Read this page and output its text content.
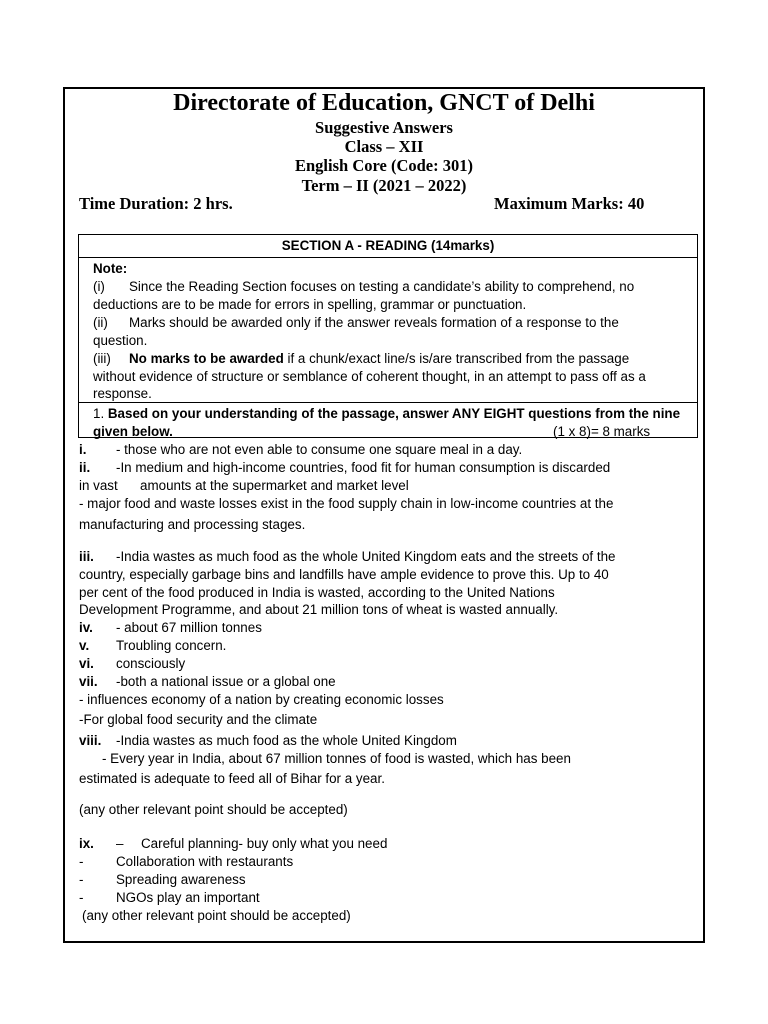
Directorate of Education, GNCT of Delhi
Suggestive Answers
Class – XII
English Core (Code: 301)
Term – II (2021 – 2022)
Time Duration: 2 hrs.	Maximum Marks: 40
SECTION A - READING (14marks)
Note:
(i) Since the Reading Section focuses on testing a candidate’s ability to comprehend, no
deductions are to be made for errors in spelling, grammar or punctuation.
(ii) Marks should be awarded only if the answer reveals formation of a response to the
question.
(iii) No marks to be awarded if a chunk/exact line/s is/are transcribed from the passage
without evidence of structure or semblance of coherent thought, in an attempt to pass off as a
response.
1. Based on your understanding of the passage, answer ANY EIGHT questions from the nine
given below.	(1 x 8)= 8 marks
i. - those who are not even able to consume one square meal in a day.
ii. -In medium and high-income countries, food fit for human consumption is discarded
in vast      amounts at the supermarket and market level
- major food and waste losses exist in the food supply chain in low-income countries at the
manufacturing and processing stages.
iii. -India wastes as much food as the whole United Kingdom eats and the streets of the
country, especially garbage bins and landfills have ample evidence to prove this. Up to 40
per cent of the food produced in India is wasted, according to the United Nations
Development Programme, and about 21 million tons of wheat is wasted annually.
iv. - about 67 million tonnes
v. Troubling concern.
vi. consciously
vii. -both a national issue or a global one
- influences economy of a nation by creating economic losses
-For global food security and the climate
viii. -India wastes as much food as the whole United Kingdom
- Every year in India, about 67 million tonnes of food is wasted, which has been
estimated is adequate to feed all of Bihar for a year.
(any other relevant point should be accepted)
ix. – Careful planning- buy only what you need
- Collaboration with restaurants
- Spreading awareness
- NGOs play an important
(any other relevant point should be accepted)
